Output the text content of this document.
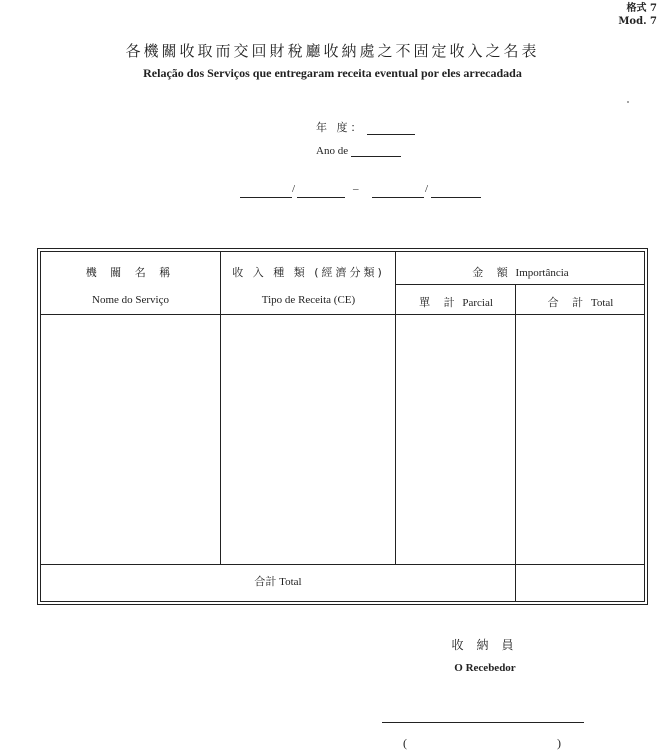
格式 7
Mod. 7
各機關收取而交回財稅廳收納處之不固定收入之名表
Relação dos Serviços que entregaram receita eventual por eles arrecadada
年 度：
Ano de
/	–	/
機 關 名 稱
Nome do Serviço
收 入 種 類 (經濟分類)
Tipo de Receita (CE)
金 額 Importância
單 計 Parcial	合 計 Total
合計 Total
收 納 員
O Recebedor
(	)
